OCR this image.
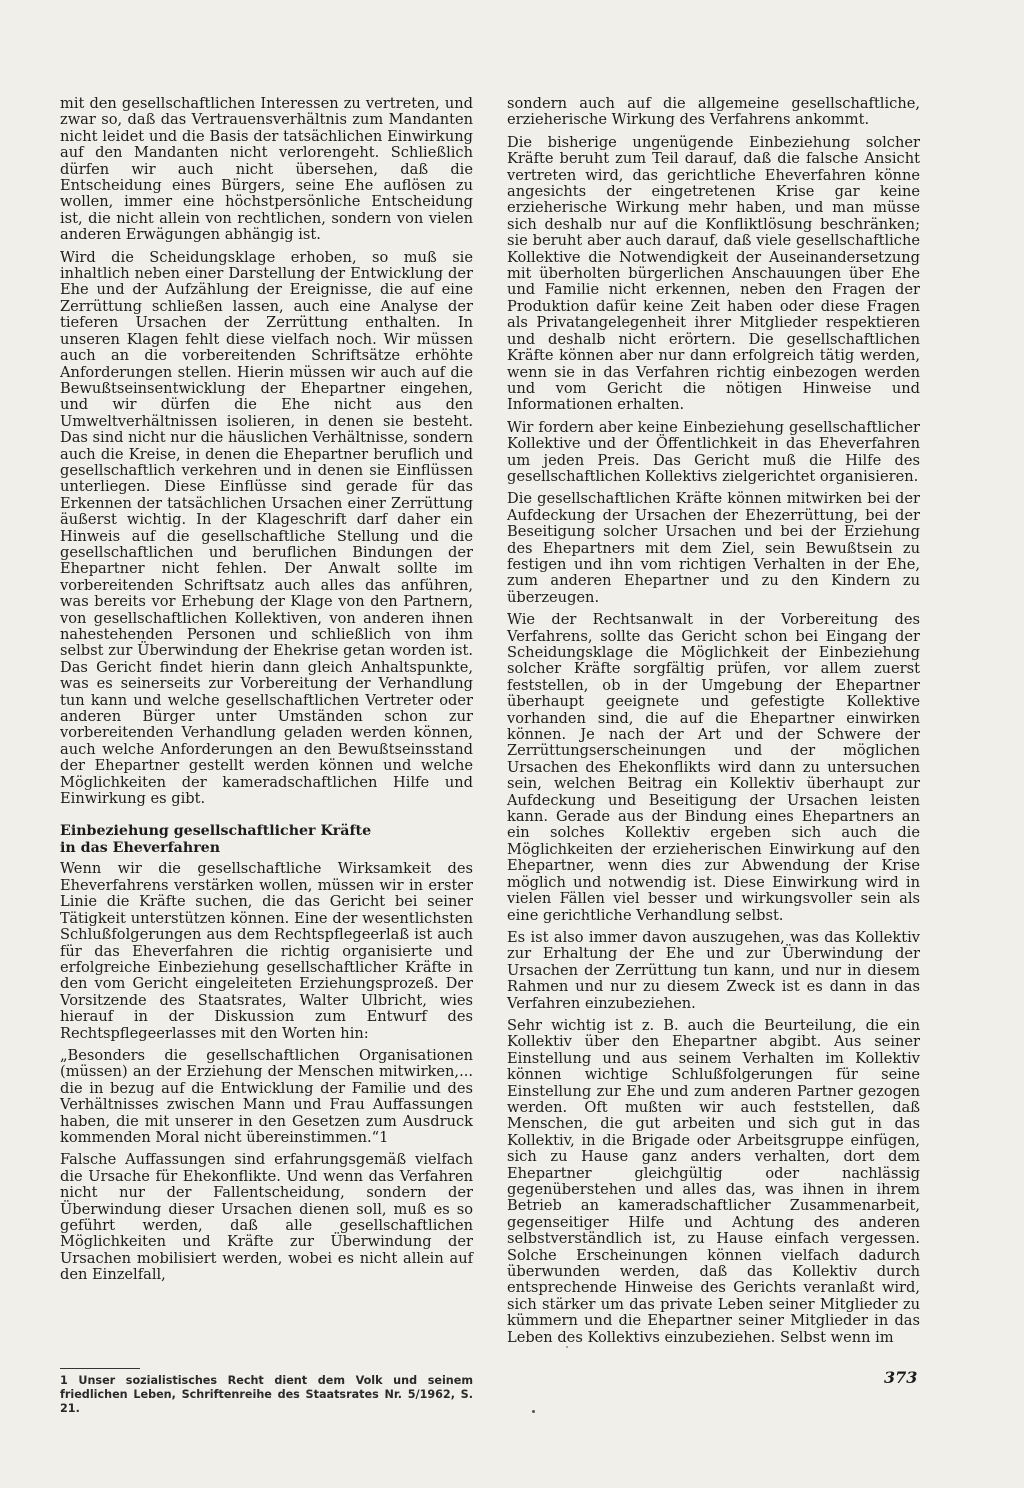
mit den gesellschaftlichen Interessen zu vertreten, und zwar so, daß das Vertrauensverhältnis zum Mandanten nicht leidet und die Basis der tatsächlichen Einwirkung auf den Mandanten nicht verlorengeht. Schließlich dürfen wir auch nicht übersehen, daß die Entscheidung eines Bürgers, seine Ehe auflösen zu wollen, immer eine höchstpersönliche Entscheidung ist, die nicht allein von rechtlichen, sondern von vielen anderen Erwägungen abhängig ist.

Wird die Scheidungsklage erhoben, so muß sie inhaltlich neben einer Darstellung der Entwicklung der Ehe und der Aufzählung der Ereignisse, die auf eine Zerrüttung schließen lassen, auch eine Analyse der tieferen Ursachen der Zerrüttung enthalten. In unseren Klagen fehlt diese vielfach noch. Wir müssen auch an die vorbereitenden Schriftsätze erhöhte Anforderungen stellen. Hierin müssen wir auch auf die Bewußtseinsentwicklung der Ehepartner eingehen, und wir dürfen die Ehe nicht aus den Umweltverhältnissen isolieren, in denen sie besteht. Das sind nicht nur die häuslichen Verhältnisse, sondern auch die Kreise, in denen die Ehepartner beruflich und gesellschaftlich verkehren und in denen sie Einflüssen unterliegen. Diese Einflüsse sind gerade für das Erkennen der tatsächlichen Ursachen einer Zerrüttung äußerst wichtig. In der Klageschrift darf daher ein Hinweis auf die gesellschaftliche Stellung und die gesellschaftlichen und beruflichen Bindungen der Ehepartner nicht fehlen. Der Anwalt sollte im vorbereitenden Schriftsatz auch alles das anführen, was bereits vor Erhebung der Klage von den Partnern, von gesellschaftlichen Kollektiven, von anderen ihnen nahestehenden Personen und schließlich von ihm selbst zur Überwindung der Ehekrise getan worden ist. Das Gericht findet hierin dann gleich Anhaltspunkte, was es seinerseits zur Vorbereitung der Verhandlung tun kann und welche gesellschaftlichen Vertreter oder anderen Bürger unter Umständen schon zur vorbereitenden Verhandlung geladen werden können, auch welche Anforderungen an den Bewußtseinsstand der Ehepartner gestellt werden können und welche Möglichkeiten der kameradschaftlichen Hilfe und Einwirkung es gibt.

Einbeziehung gesellschaftlicher Kräfte
in das Eheverfahren

Wenn wir die gesellschaftliche Wirksamkeit des Eheverfahrens verstärken wollen, müssen wir in erster Linie die Kräfte suchen, die das Gericht bei seiner Tätigkeit unterstützen können. Eine der wesentlichsten Schlußfolgerungen aus dem Rechtspflegeerlaß ist auch für das Eheverfahren die richtig organisierte und erfolgreiche Einbeziehung gesellschaftlicher Kräfte in den vom Gericht eingeleiteten Erziehungsprozeß. Der Vorsitzende des Staatsrates, Walter Ulbricht, wies hierauf in der Diskussion zum Entwurf des Rechtspflegeerlasses mit den Worten hin:

„Besonders die gesellschaftlichen Organisationen (müssen) an der Erziehung der Menschen mitwirken,... die in bezug auf die Entwicklung der Familie und des Verhältnisses zwischen Mann und Frau Auffassungen haben, die mit unserer in den Gesetzen zum Ausdruck kommenden Moral nicht übereinstimmen.“1

Falsche Auffassungen sind erfahrungsgemäß vielfach die Ursache für Ehekonflikte. Und wenn das Verfahren nicht nur der Fallentscheidung, sondern der Überwindung dieser Ursachen dienen soll, muß es so geführt werden, daß alle gesellschaftlichen Möglichkeiten und Kräfte zur Überwindung der Ursachen mobilisiert werden, wobei es nicht allein auf den Einzelfall,

sondern auch auf die allgemeine gesellschaftliche, erzieherische Wirkung des Verfahrens ankommt.

Die bisherige ungenügende Einbeziehung solcher Kräfte beruht zum Teil darauf, daß die falsche Ansicht vertreten wird, das gerichtliche Eheverfahren könne angesichts der eingetretenen Krise gar keine erzieherische Wirkung mehr haben, und man müsse sich deshalb nur auf die Konfliktlösung beschränken; sie beruht aber auch darauf, daß viele gesellschaftliche Kollektive die Notwendigkeit der Auseinandersetzung mit überholten bürgerlichen Anschauungen über Ehe und Familie nicht erkennen, neben den Fragen der Produktion dafür keine Zeit haben oder diese Fragen als Privatangelegenheit ihrer Mitglieder respektieren und deshalb nicht erörtern. Die gesellschaftlichen Kräfte können aber nur dann erfolgreich tätig werden, wenn sie in das Verfahren richtig einbezogen werden und vom Gericht die nötigen Hinweise und Informationen erhalten.

Wir fordern aber keine Einbeziehung gesellschaftlicher Kollektive und der Öffentlichkeit in das Eheverfahren um jeden Preis. Das Gericht muß die Hilfe des gesellschaftlichen Kollektivs zielgerichtet organisieren.

Die gesellschaftlichen Kräfte können mitwirken bei der Aufdeckung der Ursachen der Ehezerrüttung, bei der Beseitigung solcher Ursachen und bei der Erziehung des Ehepartners mit dem Ziel, sein Bewußtsein zu festigen und ihn vom richtigen Verhalten in der Ehe, zum anderen Ehepartner und zu den Kindern zu überzeugen.

Wie der Rechtsanwalt in der Vorbereitung des Verfahrens, sollte das Gericht schon bei Eingang der Scheidungsklage die Möglichkeit der Einbeziehung solcher Kräfte sorgfältig prüfen, vor allem zuerst feststellen, ob in der Umgebung der Ehepartner überhaupt geeignete und gefestigte Kollektive vorhanden sind, die auf die Ehepartner einwirken können. Je nach der Art und der Schwere der Zerrüttungserscheinungen und der möglichen Ursachen des Ehekonflikts wird dann zu untersuchen sein, welchen Beitrag ein Kollektiv überhaupt zur Aufdeckung und Beseitigung der Ursachen leisten kann. Gerade aus der Bindung eines Ehepartners an ein solches Kollektiv ergeben sich auch die Möglichkeiten der erzieherischen Einwirkung auf den Ehepartner, wenn dies zur Abwendung der Krise möglich und notwendig ist. Diese Einwirkung wird in vielen Fällen viel besser und wirkungsvoller sein als eine gerichtliche Verhandlung selbst.

Es ist also immer davon auszugehen, was das Kollektiv zur Erhaltung der Ehe und zur Überwindung der Ursachen der Zerrüttung tun kann, und nur in diesem Rahmen und nur zu diesem Zweck ist es dann in das Verfahren einzubeziehen.

Sehr wichtig ist z. B. auch die Beurteilung, die ein Kollektiv über den Ehepartner abgibt. Aus seiner Einstellung und aus seinem Verhalten im Kollektiv können wichtige Schlußfolgerungen für seine Einstellung zur Ehe und zum anderen Partner gezogen werden. Oft mußten wir auch feststellen, daß Menschen, die gut arbeiten und sich gut in das Kollektiv, in die Brigade oder Arbeitsgruppe einfügen, sich zu Hause ganz anders verhalten, dort dem Ehepartner gleichgültig oder nachlässig gegenüberstehen und alles das, was ihnen in ihrem Betrieb an kameradschaftlicher Zusammenarbeit, gegenseitiger Hilfe und Achtung des anderen selbstverständlich ist, zu Hause einfach vergessen. Solche Erscheinungen können vielfach dadurch überwunden werden, daß das Kollektiv durch entsprechende Hinweise des Gerichts veranlaßt wird, sich stärker um das private Leben seiner Mitglieder zu kümmern und die Ehepartner seiner Mitglieder in das Leben des Kollektivs einzubeziehen. Selbst wenn im

1 Unser sozialistisches Recht dient dem Volk und seinem friedlichen Leben, Schriftenreihe des Staatsrates Nr. 5/1962, S. 21.
373
